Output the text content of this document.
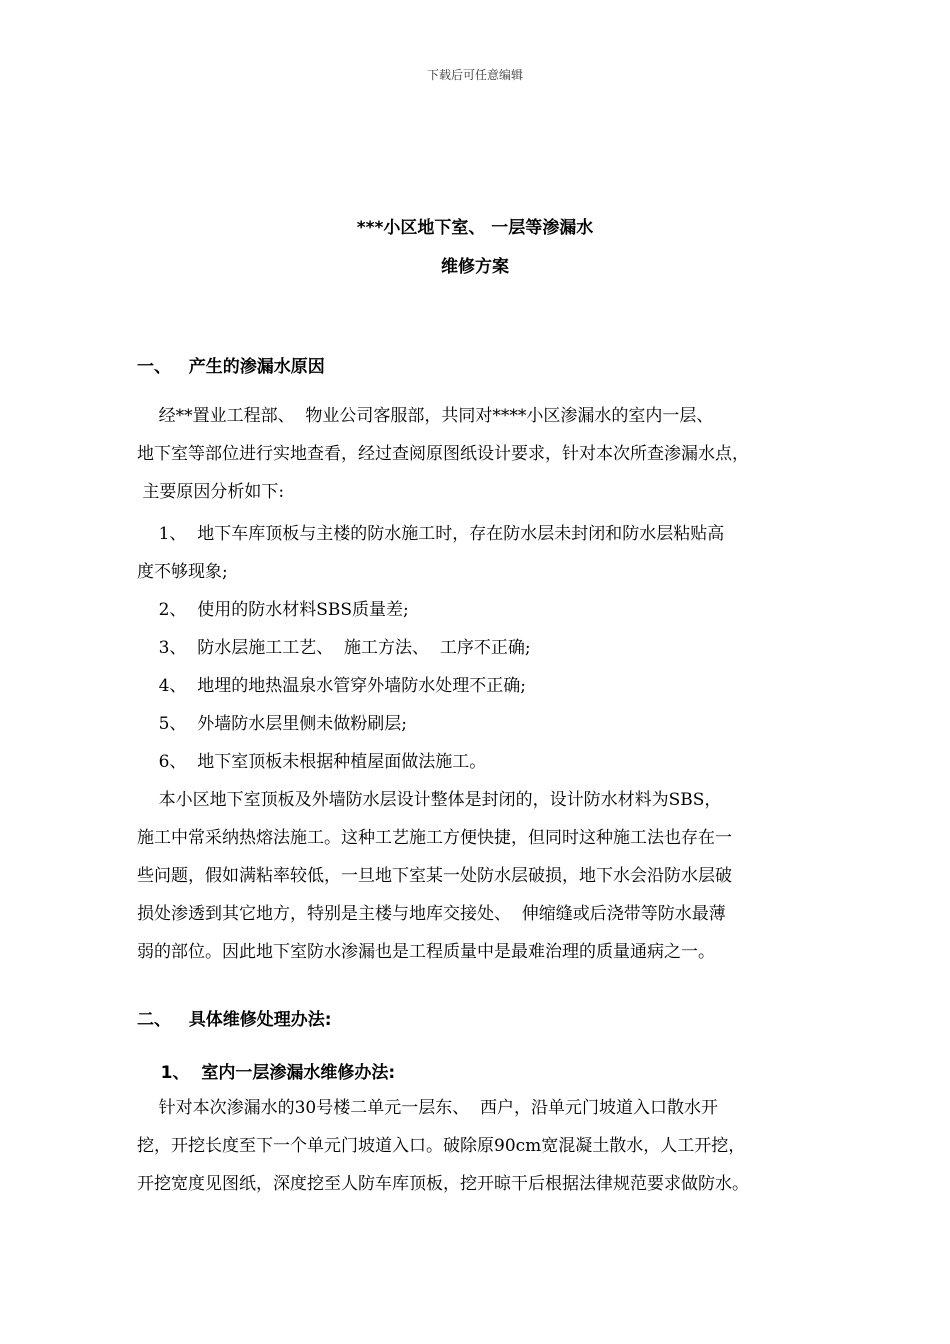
下载后可任意编辑
***小区地下室、 一层等渗漏水
维修方案
一、   产生的渗漏水原因
经**置业工程部、  物业公司客服部，共同对****小区渗漏水的室内一层、
地下室等部位进行实地查看，经过查阅原图纸设计要求，针对本次所查渗漏水点，
主要原因分析如下:
1、  地下车库顶板与主楼的防水施工时，存在防水层未封闭和防水层粘贴高
度不够现象;
2、  使用的防水材料SBS质量差;
3、  防水层施工工艺、  施工方法、  工序不正确;
4、  地埋的地热温泉水管穿外墙防水处理不正确;
5、  外墙防水层里侧未做粉刷层;
6、  地下室顶板未根据种植屋面做法施工。
本小区地下室顶板及外墙防水层设计整体是封闭的，设计防水材料为SBS，
施工中常采纳热熔法施工。这种工艺施工方便快捷，但同时这种施工法也存在一
些问题，假如满粘率较低，一旦地下室某一处防水层破损，地下水会沿防水层破
损处渗透到其它地方，特别是主楼与地库交接处、  伸缩缝或后浇带等防水最薄
弱的部位。因此地下室防水渗漏也是工程质量中是最难治理的质量通病之一。
二、   具体维修处理办法:
1、  室内一层渗漏水维修办法:
针对本次渗漏水的30号楼二单元一层东、  西户，沿单元门坡道入口散水开
挖，开挖长度至下一个单元门坡道入口。破除原90cm宽混凝土散水，人工开挖，
开挖宽度见图纸，深度挖至人防车库顶板，挖开晾干后根据法律规范要求做防水。
